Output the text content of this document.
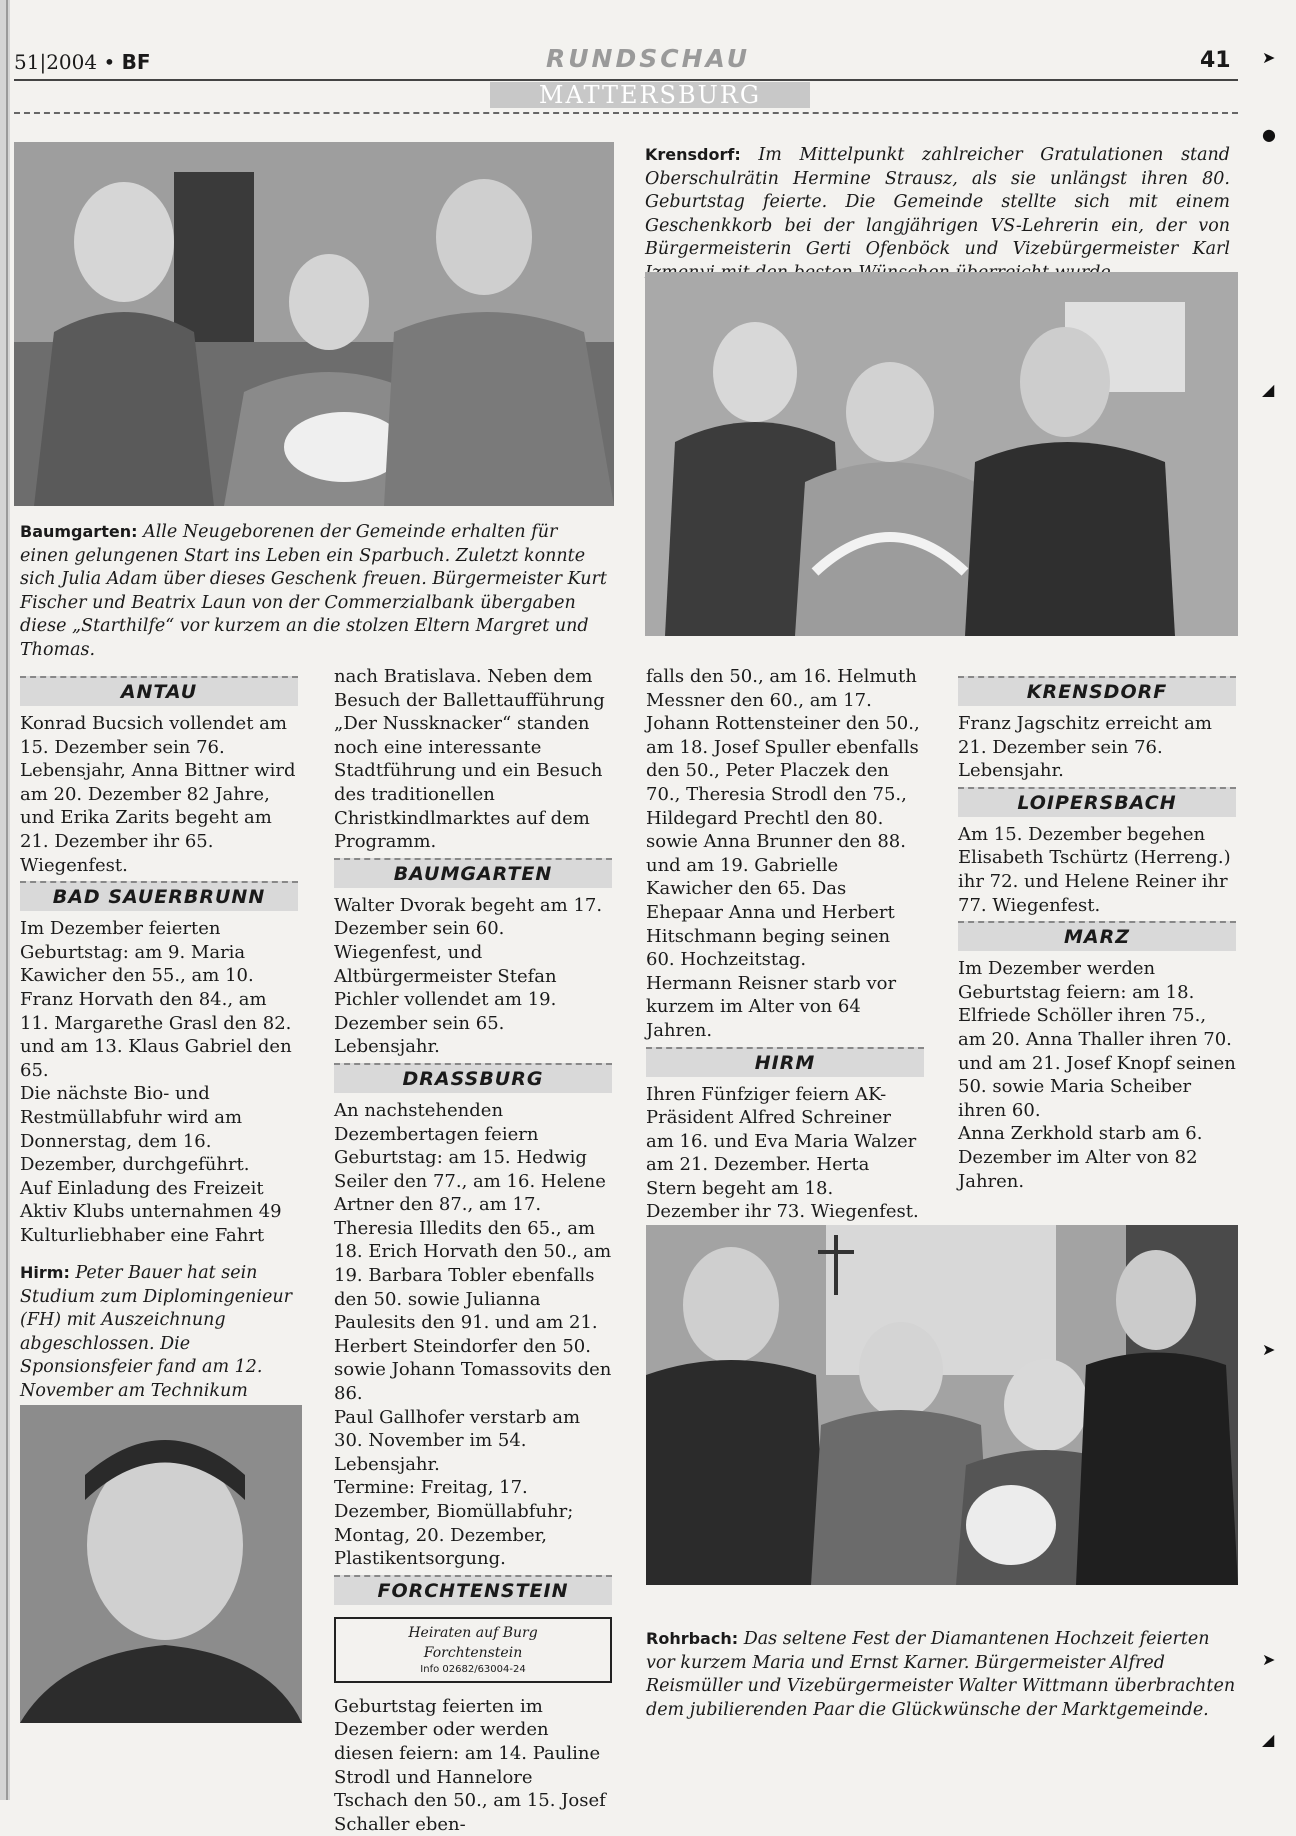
51|2004 • BF	RUNDSCHAU	41
MATTERSBURG
Baumgarten: Alle Neugeborenen der Gemeinde erhalten für einen gelungenen Start ins Leben ein Sparbuch. Zuletzt konnte sich Julia Adam über dieses Geschenk freuen. Bürgermeister Kurt Fischer und Beatrix Laun von der Commerzialbank übergaben diese „Starthilfe“ vor kurzem an die stolzen Eltern Margret und Thomas.
Krensdorf: Im Mittelpunkt zahlreicher Gratulationen stand Oberschulrätin Hermine Strausz, als sie unlängst ihren 80. Geburtstag feierte. Die Gemeinde stellte sich mit einem Geschenkkorb bei der langjährigen VS-Lehrerin ein, der von Bürgermeisterin Gerti Ofenböck und Vizebürgermeister Karl
ANTAU

Konrad Bucsich vollendet am 15. Dezember sein 76. Lebensjahr, Anna Bittner wird am 20. Dezember 82 Jahre, und Erika Zarits begeht am 21. Dezember ihr 65. Wiegenfest.

BAD SAUERBRUNN

Im Dezember feierten Geburtstag: am 9. Maria Kawicher den 55., am 10. Franz Horvath den 84., am 11. Margarethe Grasl den 82. und am 13. Klaus Gabriel den 65.

Die nächste Bio- und Restmüllabfuhr wird am Donnerstag, dem 16. Dezember, durchgeführt.

Auf Einladung des Freizeit Aktiv Klubs unternahmen 49 Kulturliebhaber eine Fahrt

Hirm: Peter Bauer hat sein Studium zum Diplomingenieur (FH) mit Auszeichnung abgeschlossen. Die Sponsionsfeier fand am 12. November am Technikum

nach Bratislava. Neben dem Besuch der Ballettaufführung „Der Nussknacker“ standen noch eine interessante Stadtführung und ein Besuch des traditionellen Christkindlmarktes auf dem Programm.

BAUMGARTEN

Walter Dvorak begeht am 17. Dezember sein 60. Wiegenfest, und Altbürgermeister Stefan Pichler vollendet am 19. Dezember sein 65. Lebensjahr.

DRASSBURG

An nachstehenden Dezembertagen feiern Geburtstag: am 15. Hedwig Seiler den 77., am 16. Helene Artner den 87., am 17. Theresia Illedits den 65., am 18. Erich Horvath den 50., am 19. Barbara Tobler ebenfalls den 50. sowie Julianna Paulesits den 91. und am 21. Herbert Steindorfer den 50. sowie Johann Tomassovits den 86.

Paul Gallhofer verstarb am 30. November im 54. Lebensjahr.

Termine: Freitag, 17. Dezember, Biomüllabfuhr; Montag, 20. Dezember, Plastikentsorgung.

FORCHTENSTEIN
Heiraten auf Burg
Forchtenstein
Info 02682/63004-24

Geburtstag feierten im Dezember oder werden diesen feiern: am 14. Pauline Strodl und Hannelore Tschach den 50., am 15. Josef Schaller eben-

falls den 50., am 16. Helmuth Messner den 60., am 17. Johann Rottensteiner den 50., am 18. Josef Spuller ebenfalls den 50., Peter Placzek den 70., Theresia Strodl den 75., Hildegard Prechtl den 80. sowie Anna Brunner den 88. und am 19. Gabrielle Kawicher den 65. Das Ehepaar Anna und Herbert Hitschmann beging seinen 60. Hochzeitstag.

Hermann Reisner starb vor kurzem im Alter von 64 Jahren.

HIRM

Ihren Fünfziger feiern AK-Präsident Alfred Schreiner am 16. und Eva Maria Walzer am 21. Dezember. Herta Stern begeht am 18. Dezember ihr 73. Wiegenfest.

KRENSDORF

Franz Jagschitz erreicht am 21. Dezember sein 76. Lebensjahr.

LOIPERSBACH

Am 15. Dezember begehen Elisabeth Tschürtz (Herreng.) ihr 72. und Helene Reiner ihr 77. Wiegenfest.

MARZ

Im Dezember werden Geburtstag feiern: am 18. Elfriede Schöller ihren 75., am 20. Anna Thaller ihren 70. und am 21. Josef Knopf seinen 50. sowie Maria Scheiber ihren 60.

Anna Zerkhold starb am 6. Dezember im Alter von 82 Jahren.

Rohrbach: Das seltene Fest der Diamantenen Hochzeit feierten vor kurzem Maria und Ernst Karner. Bürgermeister Alfred Reismüller und Vizebürgermeister Walter Wittmann überbrachten dem jubilierenden Paar die Glückwünsche der Marktgemeinde.
➤
●
◢
➤
➤
◢
